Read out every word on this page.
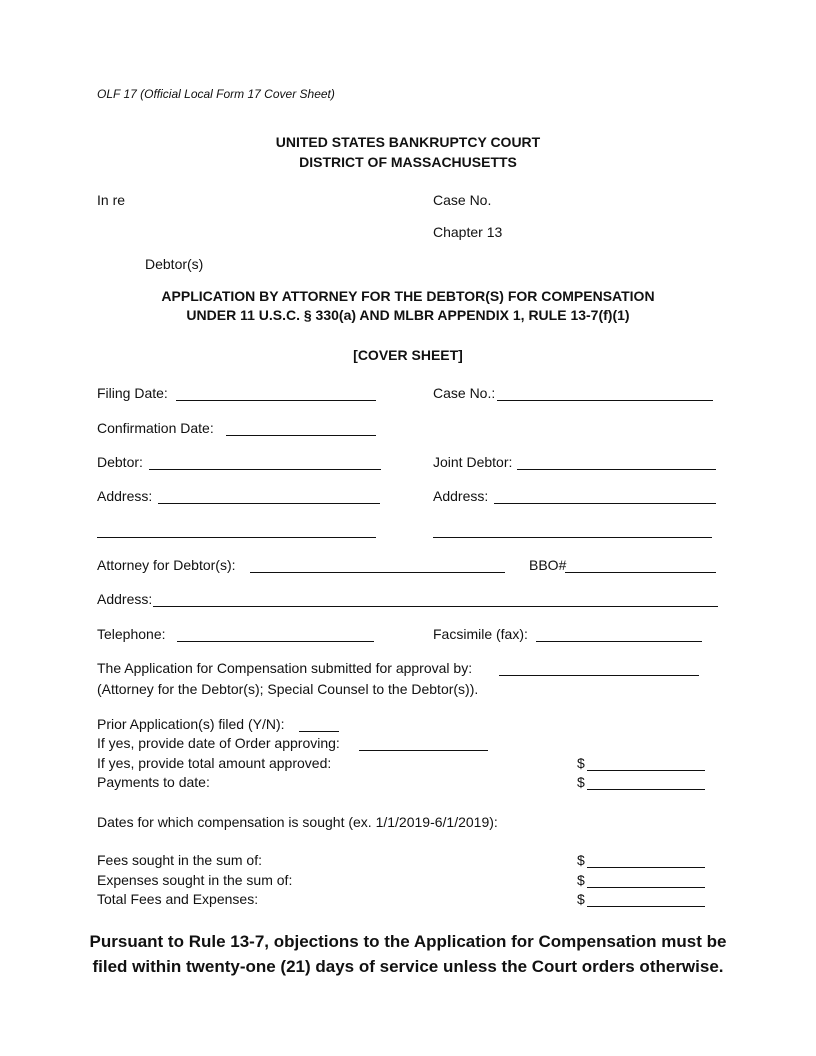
OLF 17 (Official Local Form 17 Cover Sheet)
UNITED STATES BANKRUPTCY COURT
DISTRICT OF MASSACHUSETTS
In re	Case No.
Chapter 13
Debtor(s)
APPLICATION BY ATTORNEY FOR THE DEBTOR(S) FOR COMPENSATION
UNDER 11 U.S.C. § 330(a) AND MLBR APPENDIX 1, RULE 13-7(f)(1)
[COVER SHEET]
Filing Date:	Case No.:
Confirmation Date:
Debtor:	Joint Debtor:
Address:	Address:
Attorney for Debtor(s):	BBO#
Address:
Telephone:	Facsimile (fax):
The Application for Compensation submitted for approval by:
(Attorney for the Debtor(s); Special Counsel to the Debtor(s)).
Prior Application(s) filed (Y/N):
If yes, provide date of Order approving:
If yes, provide total amount approved:	$
Payments to date:	$
Dates for which compensation is sought (ex. 1/1/2019-6/1/2019):
Fees sought in the sum of:	$
Expenses sought in the sum of:	$
Total Fees and Expenses:	$
Pursuant to Rule 13-7, objections to the Application for Compensation must be
filed within twenty-one (21) days of service unless the Court orders otherwise.
